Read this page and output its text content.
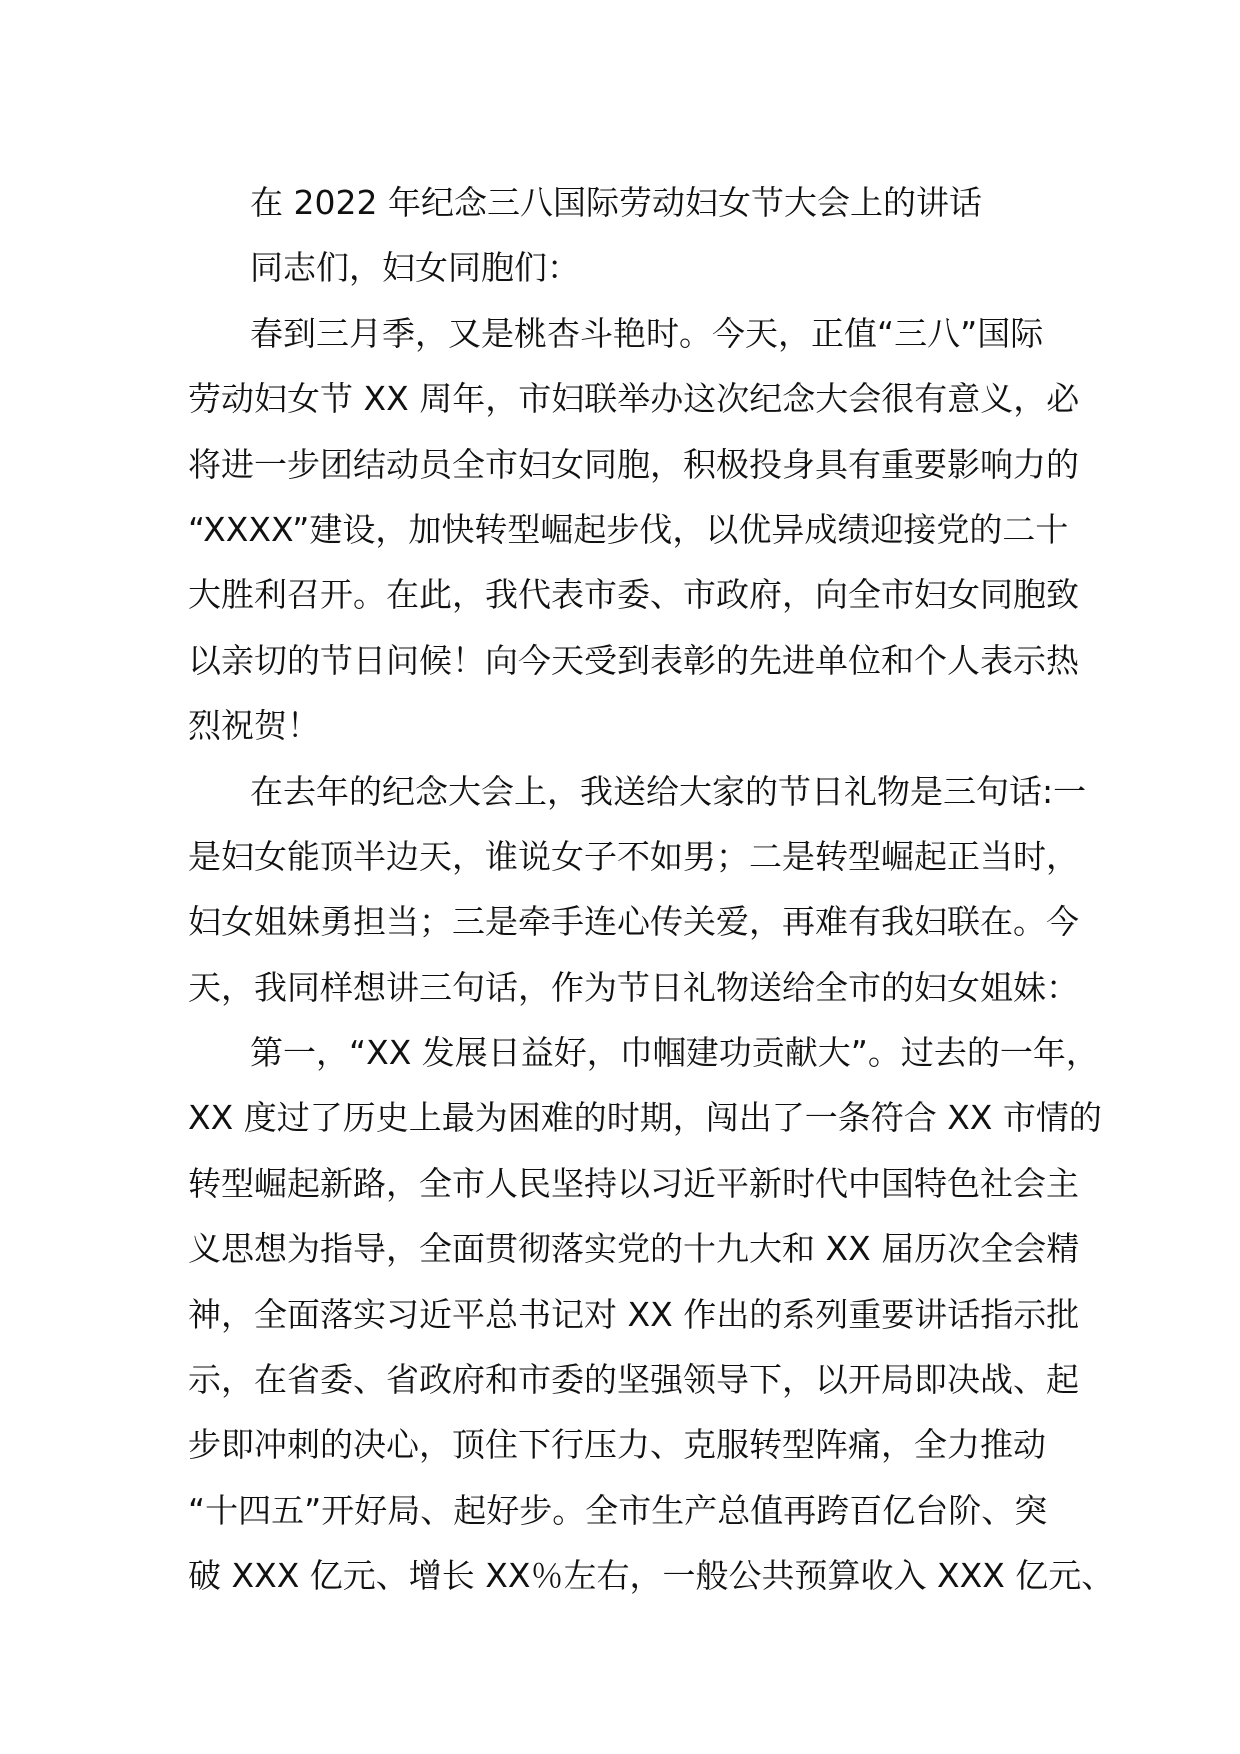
在 2022 年纪念三八国际劳动妇女节大会上的讲话
同志们，妇女同胞们：
春到三月季，又是桃杏斗艳时。今天，正值“三八”国际
劳动妇女节 XX 周年，市妇联举办这次纪念大会很有意义，必
将进一步团结动员全市妇女同胞，积极投身具有重要影响力的
“XXXX”建设，加快转型崛起步伐，以优异成绩迎接党的二十
大胜利召开。在此，我代表市委、市政府，向全市妇女同胞致
以亲切的节日问候！向今天受到表彰的先进单位和个人表示热
烈祝贺！
在去年的纪念大会上，我送给大家的节日礼物是三句话:一
是妇女能顶半边天，谁说女子不如男；二是转型崛起正当时，
妇女姐妹勇担当；三是牵手连心传关爱，再难有我妇联在。今
天，我同样想讲三句话，作为节日礼物送给全市的妇女姐妹：
第一，“XX 发展日益好，巾帼建功贡献大”。过去的一年，
XX 度过了历史上最为困难的时期，闯出了一条符合 XX 市情的
转型崛起新路，全市人民坚持以习近平新时代中国特色社会主
义思想为指导，全面贯彻落实党的十九大和 XX 届历次全会精
神，全面落实习近平总书记对 XX 作出的系列重要讲话指示批
示，在省委、省政府和市委的坚强领导下，以开局即决战、起
步即冲刺的决心，顶住下行压力、克服转型阵痛，全力推动
“十四五”开好局、起好步。全市生产总值再跨百亿台阶、突
破 XXX 亿元、增长 XX％左右，一般公共预算收入 XXX 亿元、
